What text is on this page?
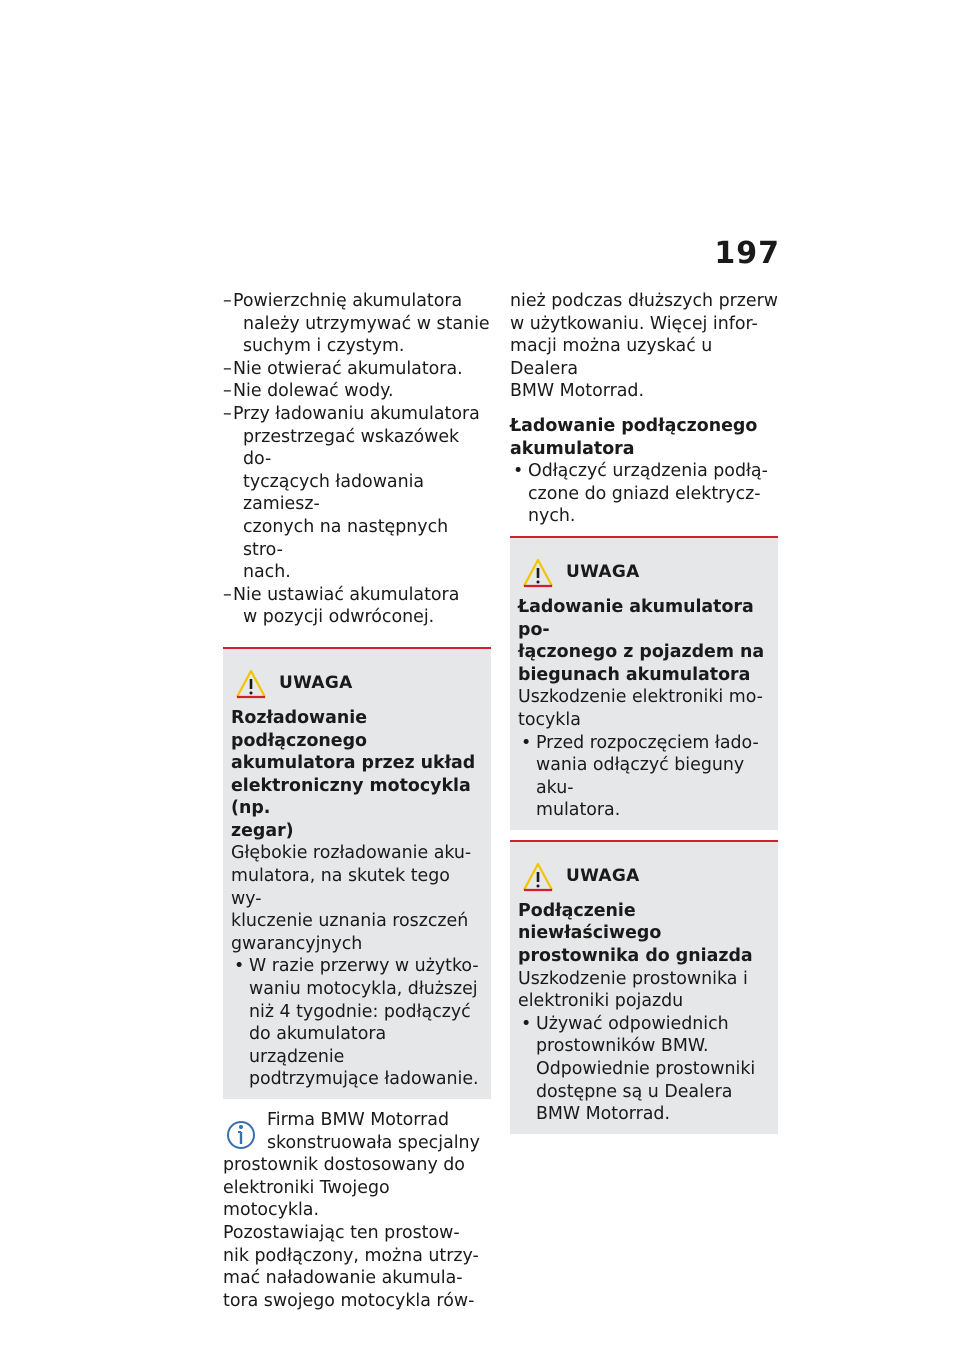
197
– Powierzchnię akumulatora
należy utrzymywać w stanie
suchym i czystym.
– Nie otwierać akumulatora.
– Nie dolewać wody.
– Przy ładowaniu akumulatora
przestrzegać wskazówek do-
tyczących ładowania zamiesz-
czonych na następnych stro-
nach.
– Nie ustawiać akumulatora
w pozycji odwróconej.
UWAGA
Rozładowanie podłączonego
akumulatora przez układ
elektroniczny motocykla (np.
zegar)
Głębokie rozładowanie aku-
mulatora, na skutek tego wy-
kluczenie uznania roszczeń
gwarancyjnych
• W razie przerwy w użytko-
waniu motocykla, dłuższej
niż 4 tygodnie: podłączyć
do akumulatora urządzenie
podtrzymujące ładowanie.
Firma BMW Motorrad
skonstruowała specjalny
prostownik dostosowany do
elektroniki Twojego motocykla.
Pozostawiając ten prostow-
nik podłączony, można utrzy-
mać naładowanie akumula-
tora swojego motocykla rów-
nież podczas dłuższych przerw
w użytkowaniu. Więcej infor-
macji można uzyskać u Dealera
BMW Motorrad.
Ładowanie podłączonego
akumulatora
• Odłączyć urządzenia podłą-
czone do gniazd elektrycz-
nych.
UWAGA
Ładowanie akumulatora po-
łączonego z pojazdem na
biegunach akumulatora
Uszkodzenie elektroniki mo-
tocykla
• Przed rozpoczęciem łado-
wania odłączyć bieguny aku-
mulatora.
UWAGA
Podłączenie niewłaściwego
prostownika do gniazda
Uszkodzenie prostownika i
elektroniki pojazdu
• Używać odpowiednich
prostowników BMW.
Odpowiednie prostowniki
dostępne są u Dealera
BMW Motorrad.
